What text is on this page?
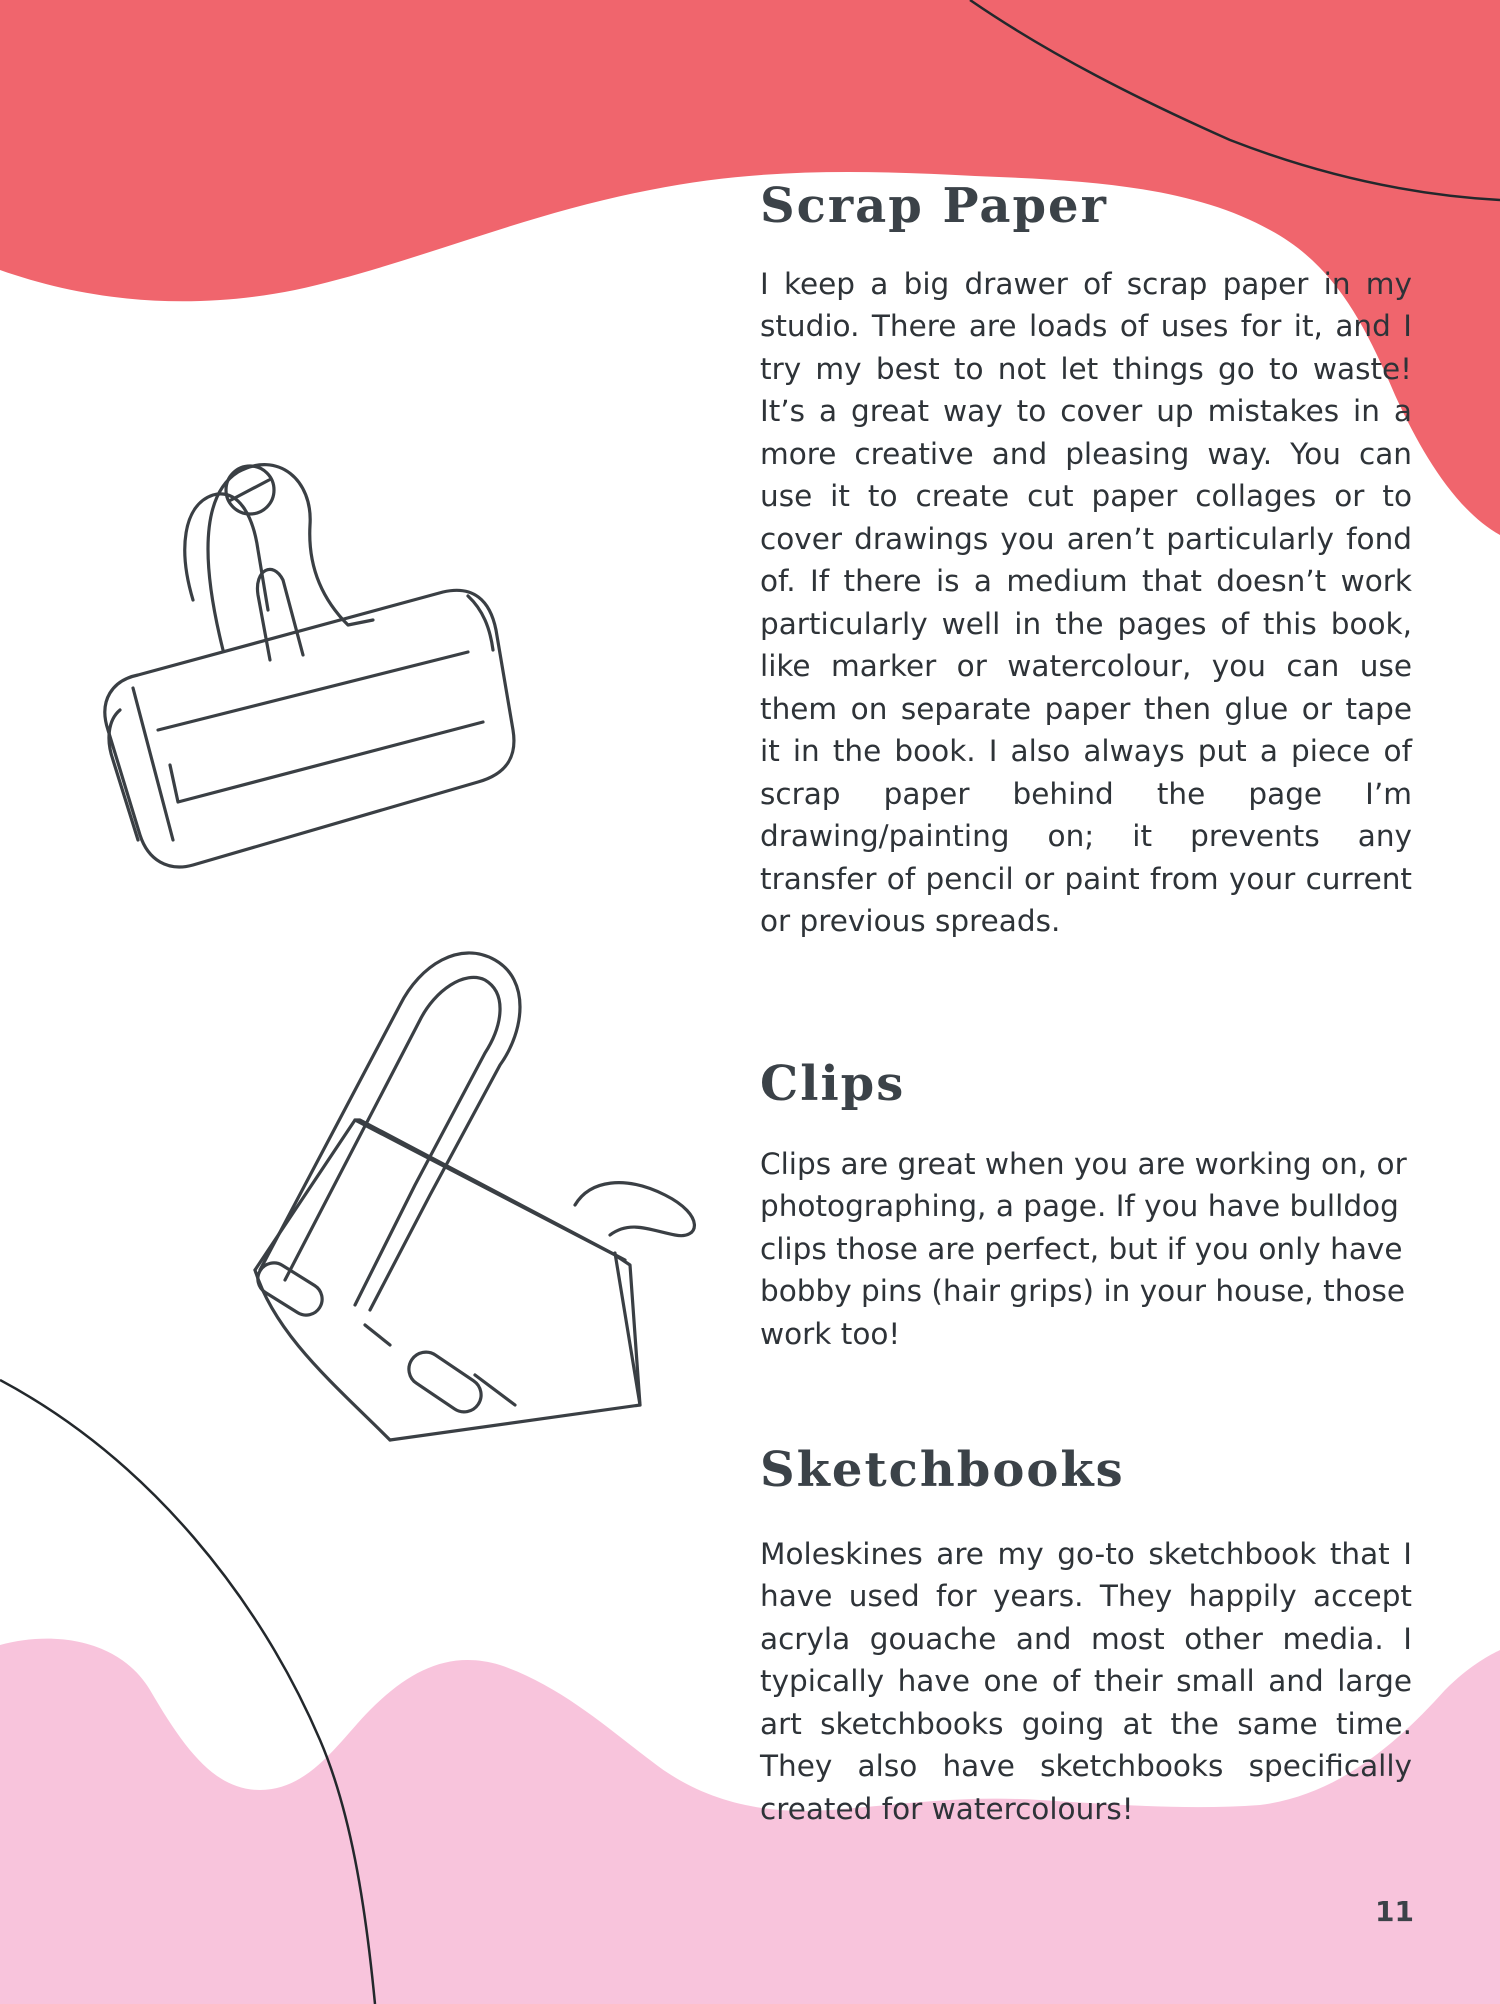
Scrap Paper

I keep a big drawer of scrap paper in my studio. There are loads of uses for it, and I try my best to not let things go to waste! It’s a great way to cover up mistakes in a more creative and pleasing way. You can use it to create cut paper collages or to cover drawings you aren’t particularly fond of. If there is a medium that doesn’t work particularly well in the pages of this book, like marker or watercolour, you can use them on separate paper then glue or tape it in the book. I also always put a piece of scrap paper behind the page I’m drawing/painting on; it prevents any transfer of pencil or paint from your current or previous spreads.

Clips

Clips are great when you are working on, or photographing, a page. If you have bulldog clips those are perfect, but if you only have bobby pins (hair grips) in your house, those work too!

Sketchbooks

Moleskines are my go-to sketchbook that I have used for years. They happily accept acryla gouache and most other media. I typically have one of their small and large art sketchbooks going at the same time. They also have sketchbooks specifically created for watercolours!

11
